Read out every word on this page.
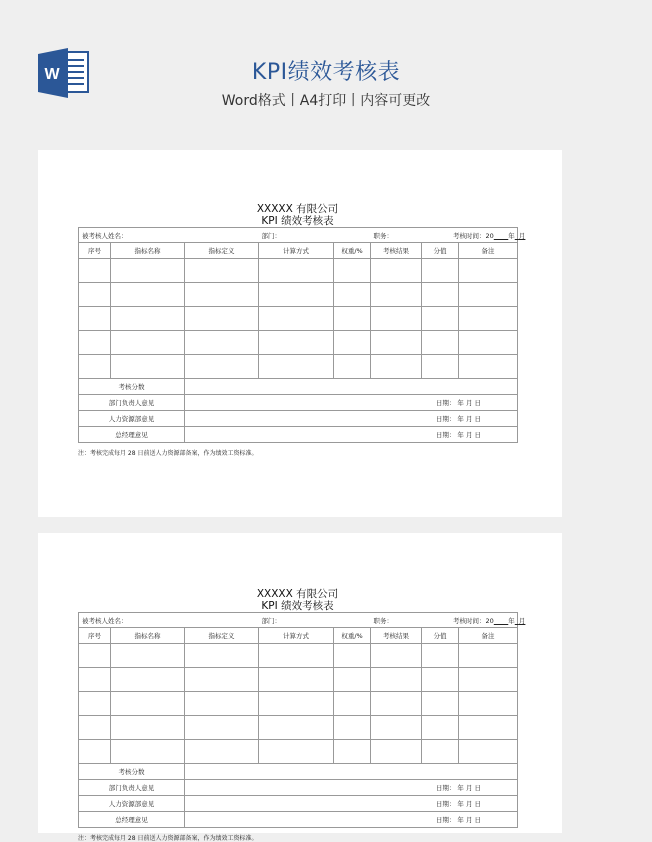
W	KPI绩效考核表
Word格式丨A4打印丨内容可更改
XXXXX 有限公司
KPI 绩效考核表
被考核人姓名：			部门：		职务： 考核时间：20 年 月		
序号	指标名称	指标定义	计算方式	权重/%	考核结果	分值	备注

考核分数							
部门负责人意见		日期： 年 月 日					
人力资源部意见		日期： 年 月 日					
总经理意见		日期： 年 月 日					
注：考核完成每月 28 日前送人力资源部备案，作为绩效工资标准。
XXXXX 有限公司
KPI 绩效考核表
被考核人姓名：			部门：		职务： 考核时间：20 年 月		
序号	指标名称	指标定义	计算方式	权重/%	考核结果	分值	备注

考核分数							
部门负责人意见		日期： 年 月 日					
人力资源部意见		日期： 年 月 日					
总经理意见		日期： 年 月 日					
注：考核完成每月 28 日前送人力资源部备案，作为绩效工资标准。
